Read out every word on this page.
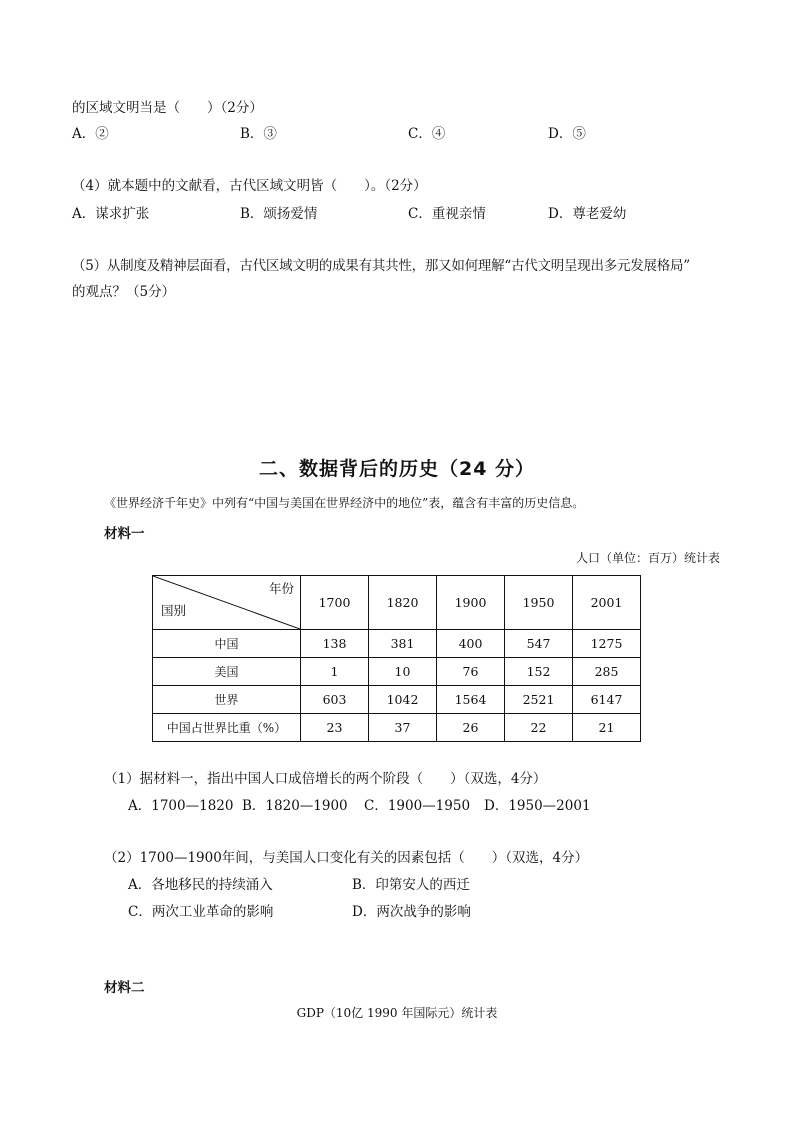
的区域文明当是（　　）（2分）
A．②	B．③	C．④	D．⑤
（4）就本题中的文献看，古代区域文明皆（　　）。（2分）
A．谋求扩张	B．颂扬爱情	C．重视亲情	D．尊老爱幼
（5）从制度及精神层面看，古代区域文明的成果有其共性，那又如何理解“古代文明呈现出多元发展格局”
的观点？（5分）
二、数据背后的历史（24 分）
《世界经济千年史》中列有“中国与美国在世界经济中的地位”表，蕴含有丰富的历史信息。
材料一
人口（单位：百万）统计表
年份
国别	1700	1820	1900	1950	2001
中国	138	381	400	547	1275
美国	1	10	76	152	285
世界	603	1042	1564	2521	6147
中国占世界比重（%）	23	37	26	22	21
（1）据材料一，指出中国人口成倍增长的两个阶段（　　）（双选，4分）
A．1700—1820 B．1820—1900 C．1900—1950 D．1950—2001
（2）1700—1900年间，与美国人口变化有关的因素包括（　　）（双选，4分）
A．各地移民的持续涌入	B．印第安人的西迁
C．两次工业革命的影响	D．两次战争的影响
材料二
GDP（10亿 1990 年国际元）统计表
